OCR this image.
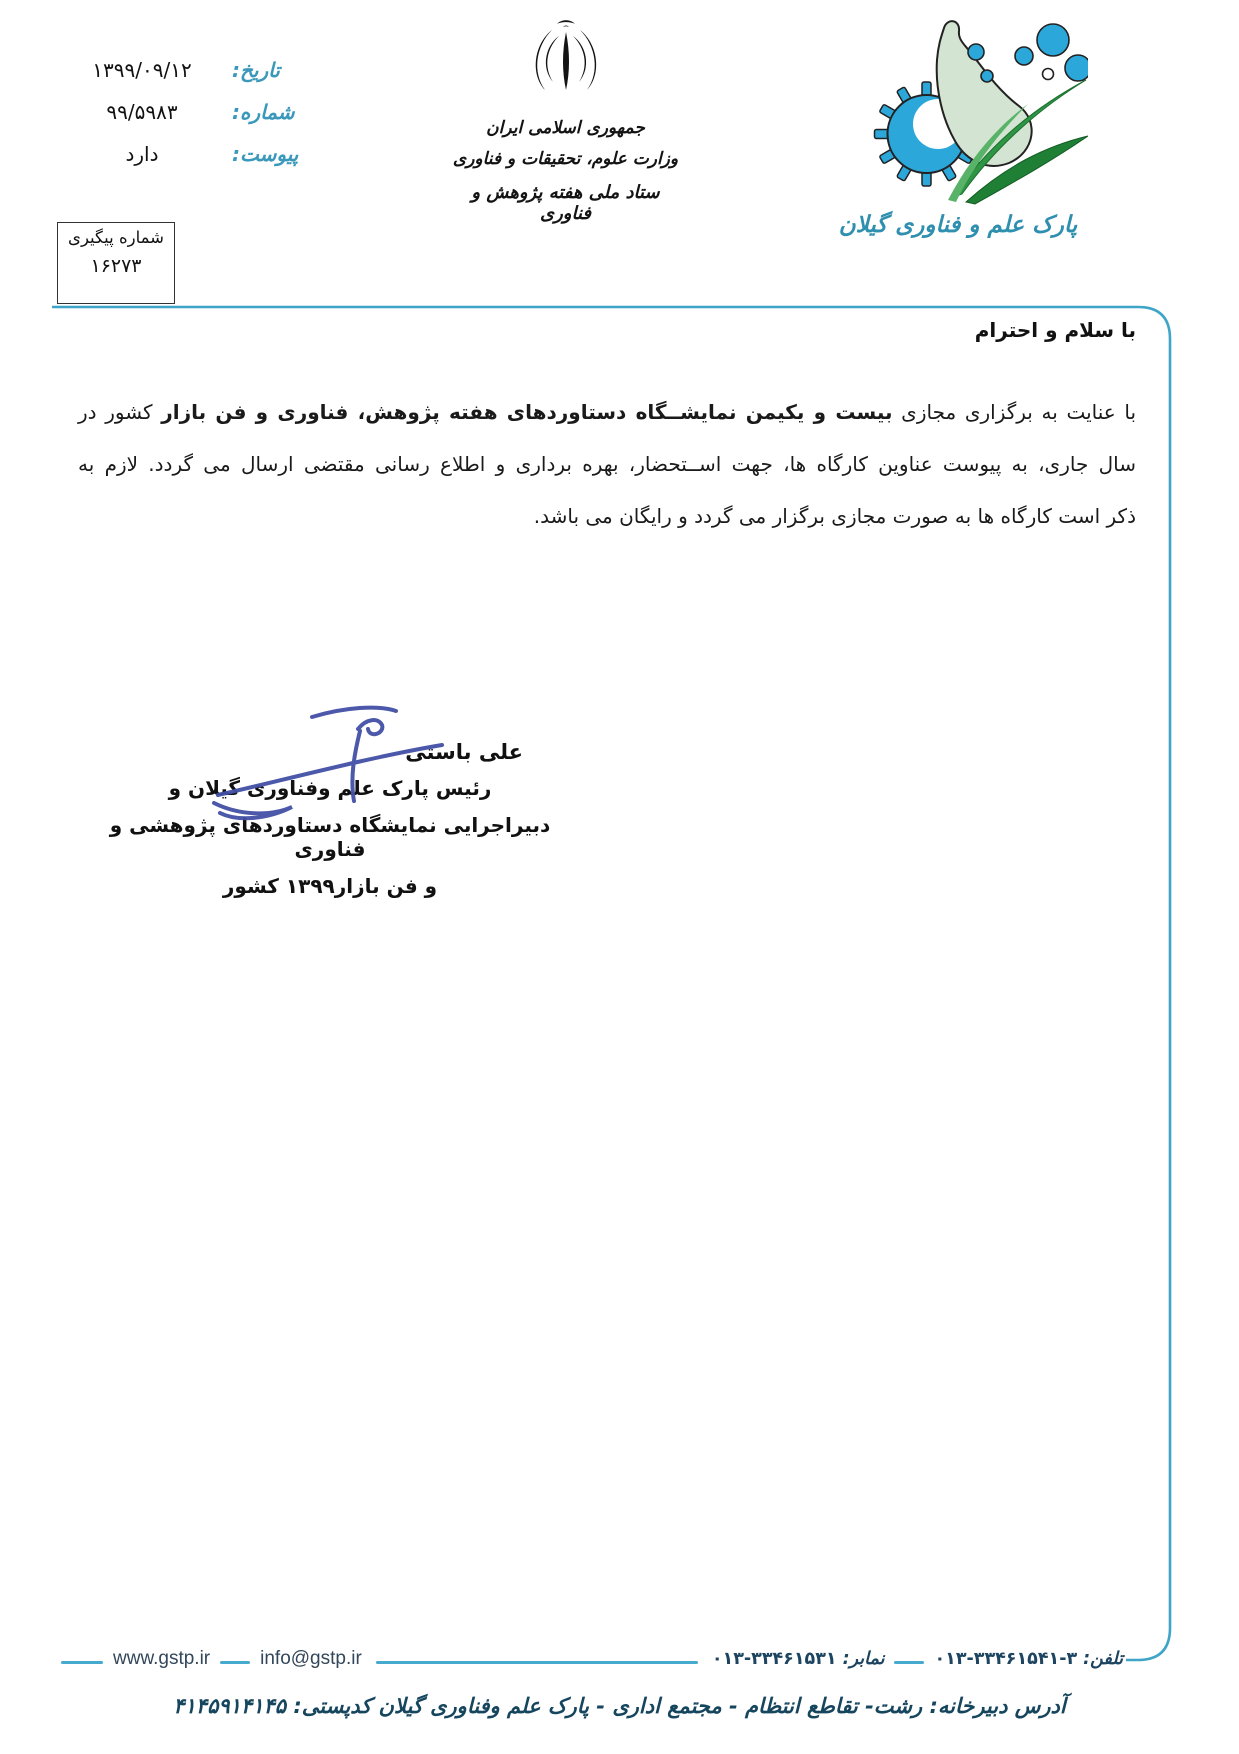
تاریخ:
۱۳۹۹/۰۹/۱۲
شماره:
۹۹/۵۹۸۳
پیوست:
دارد
شماره پیگیری
۱۶۲۷۳
جمهوری اسلامی ایران
وزارت علوم، تحقیقات و فناوری
ستاد ملی هفته پژوهش و فناوری	پارک علم و فناوری گیلان
با سلام و احترام
با عنایت به برگزاری مجازی بیست و یکیمن نمایشــگاه دستاوردهای هفته پژوهش، فناوری و فن بازار کشور در
سال جاری، به پیوست عناوین کارگاه ها، جهت اســتحضار، بهره برداری و اطلاع رسانی مقتضی ارسال می گردد. لازم به
ذکر است کارگاه ها به صورت مجازی برگزار می گردد و رایگان می باشد.
علی باستی
رئیس پارک علم وفناوری گیلان و
دبیراجرایی نمایشگاه دستاوردهای پژوهشی و فناوری
و فن بازار۱۳۹۹ کشور
تلفن:۰۱۳-۳۳۴۶۱۵۴۱-۳
نمابر:۰۱۳-۳۳۴۶۱۵۳۱
info@gstp.ir
www.gstp.ir
آدرس دبیرخانه: رشت- تقاطع انتظام - مجتمع اداری - پارک علم وفناوری گیلان کدپستی: ۴۱۴۵۹۱۴۱۴۵
